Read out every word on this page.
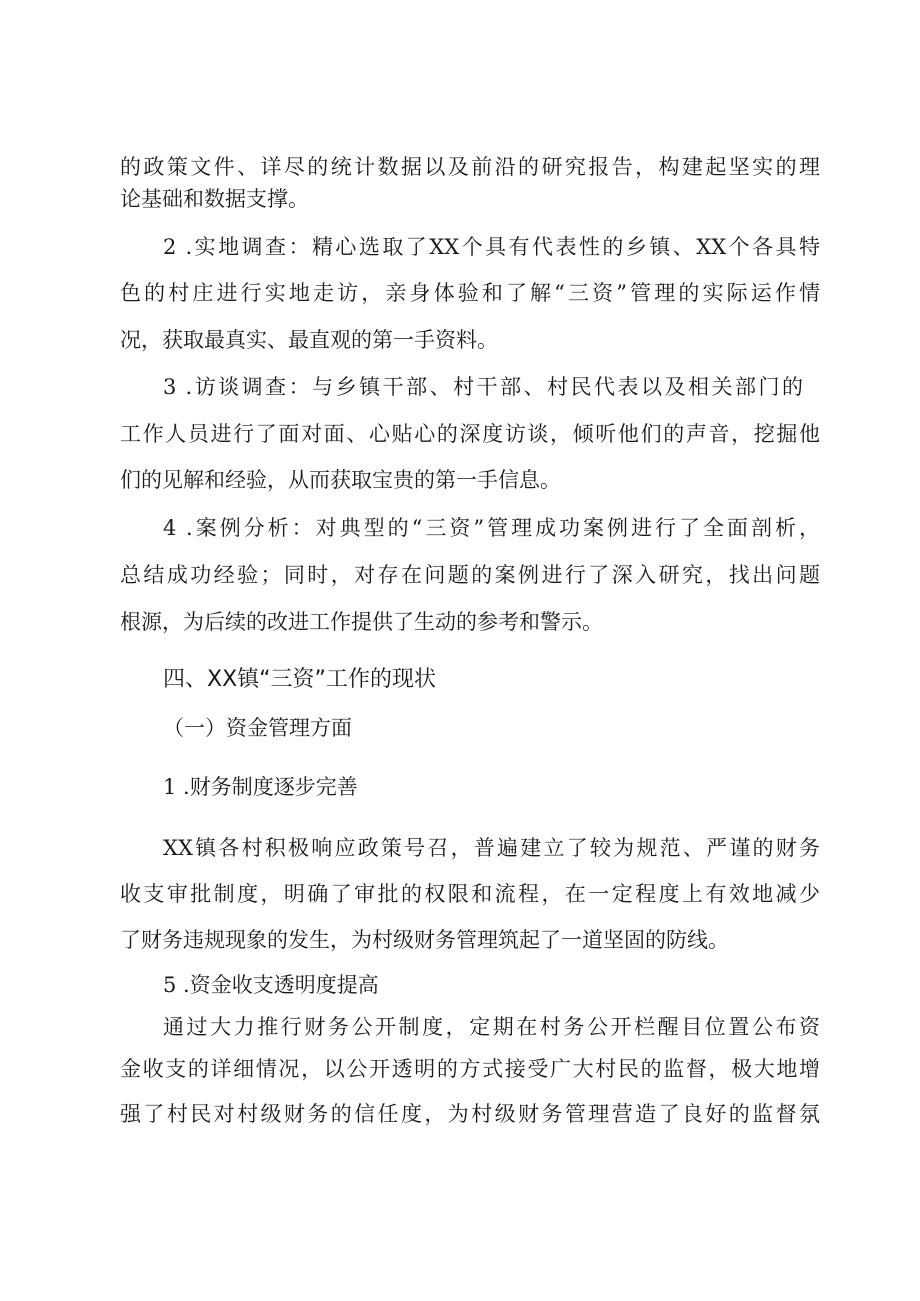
的政策文件、详尽的统计数据以及前沿的研究报告，构建起坚实的理
论基础和数据支撑。
2 .实地调查：精心选取了XX个具有代表性的乡镇、XX个各具特
色的村庄进行实地走访，亲身体验和了解“三资”管理的实际运作情
况，获取最真实、最直观的第一手资料。
3 .访谈调查：与乡镇干部、村干部、村民代表以及相关部门的
工作人员进行了面对面、心贴心的深度访谈，倾听他们的声音，挖掘他
们的见解和经验，从而获取宝贵的第一手信息。
4 .案例分析：对典型的“三资”管理成功案例进行了全面剖析，
总结成功经验；同时，对存在问题的案例进行了深入研究，找出问题
根源，为后续的改进工作提供了生动的参考和警示。
四、XX镇“三资”工作的现状
（一）资金管理方面
1 .财务制度逐步完善
XX镇各村积极响应政策号召，普遍建立了较为规范、严谨的财务
收支审批制度，明确了审批的权限和流程，在一定程度上有效地减少
了财务违规现象的发生，为村级财务管理筑起了一道坚固的防线。
5 .资金收支透明度提高
通过大力推行财务公开制度，定期在村务公开栏醒目位置公布资
金收支的详细情况，以公开透明的方式接受广大村民的监督，极大地增
强了村民对村级财务的信任度，为村级财务管理营造了良好的监督氛
